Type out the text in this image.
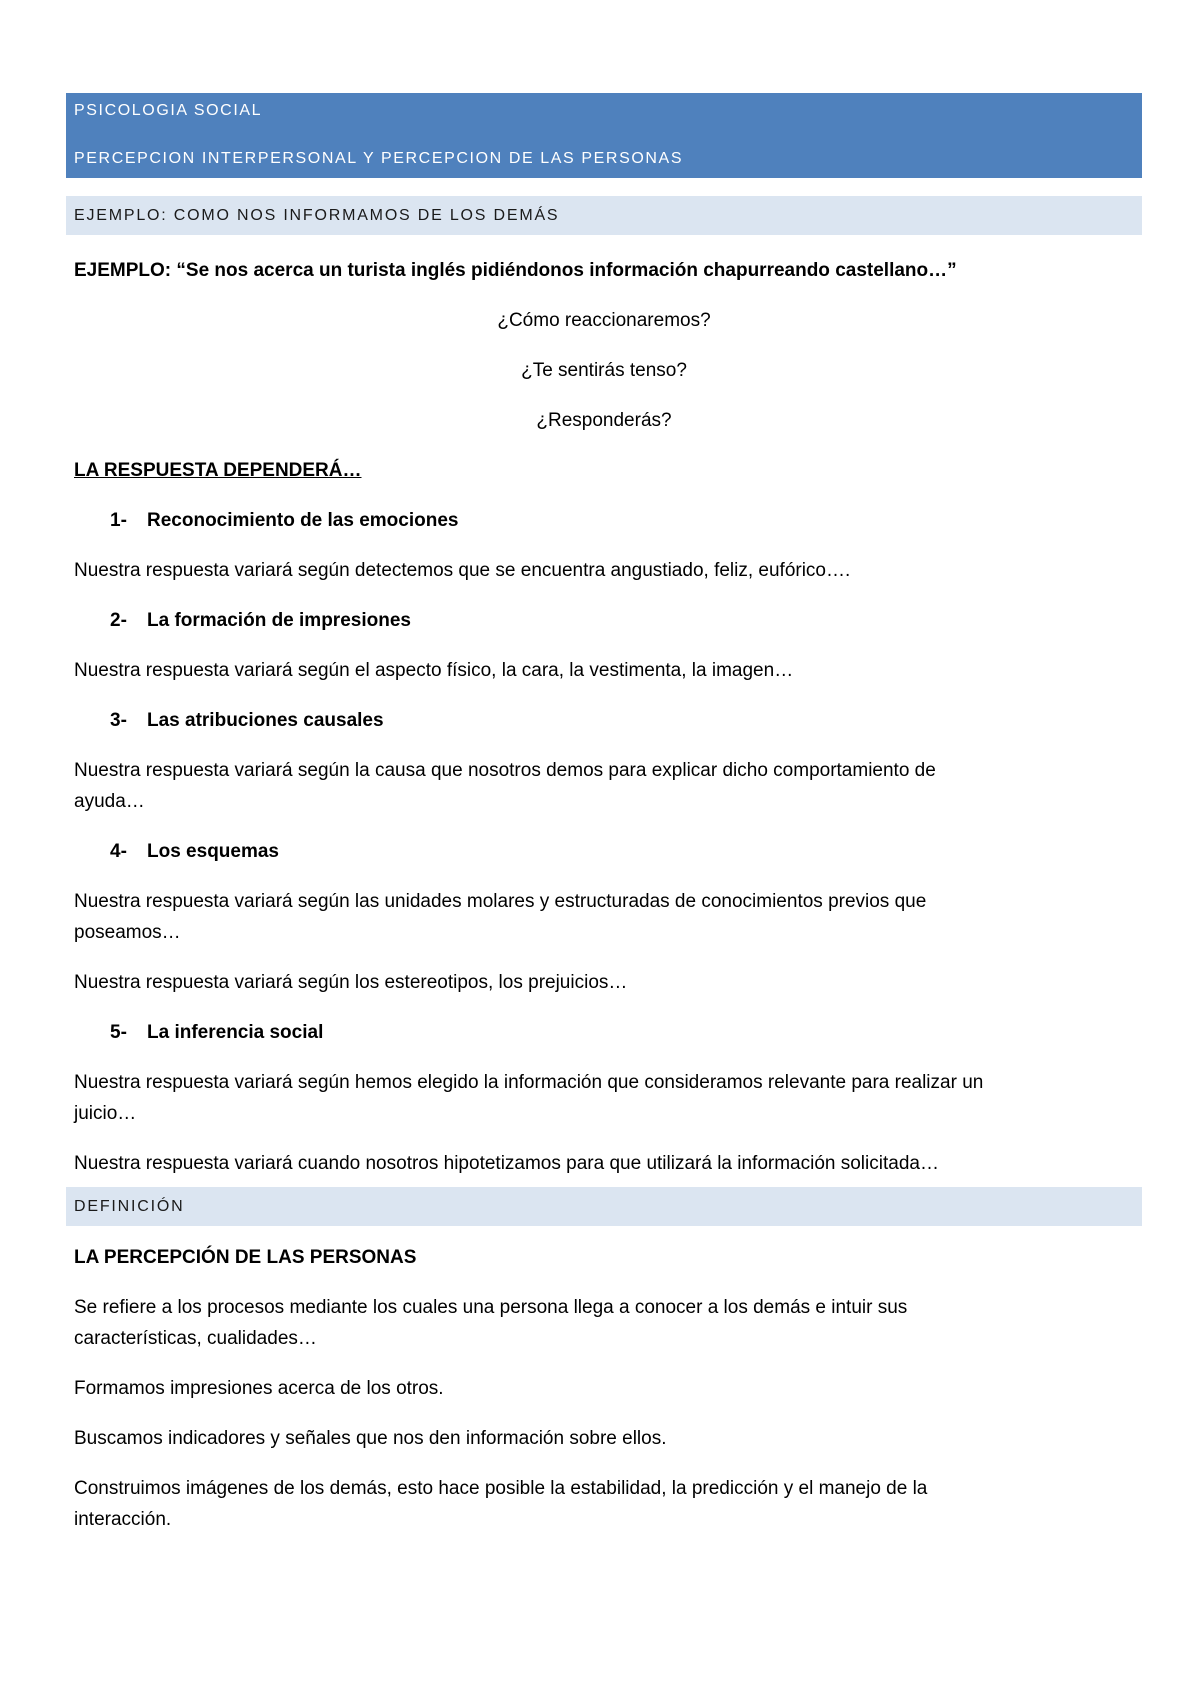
PSICOLOGIA SOCIAL
PERCEPCION INTERPERSONAL Y PERCEPCION DE LAS PERSONAS
EJEMPLO: COMO NOS INFORMAMOS DE LOS DEMÁS

EJEMPLO: “Se nos acerca un turista inglés pidiéndonos información chapurreando castellano…”

¿Cómo reaccionaremos?

¿Te sentirás tenso?

¿Responderás?

LA RESPUESTA DEPENDERÁ…

1-	Reconocimiento de las emociones

Nuestra respuesta variará según detectemos que se encuentra angustiado, feliz, eufórico….

2-	La formación de impresiones

Nuestra respuesta variará según el aspecto físico, la cara, la vestimenta, la imagen…

3-	Las atribuciones causales

Nuestra respuesta variará según la causa que nosotros demos para explicar dicho comportamiento de

ayuda…

4-	Los esquemas

Nuestra respuesta variará según las unidades molares y estructuradas de conocimientos previos que

poseamos…

Nuestra respuesta variará según los estereotipos, los prejuicios…

5-	La inferencia social

Nuestra respuesta variará según hemos elegido la información que consideramos relevante para realizar un

juicio…

Nuestra respuesta variará cuando nosotros hipotetizamos para que utilizará la información solicitada…

DEFINICIÓN

LA PERCEPCIÓN DE LAS PERSONAS

Se refiere a los procesos mediante los cuales una persona llega a conocer a los demás e intuir sus

características, cualidades…

Formamos impresiones acerca de los otros.

Buscamos indicadores y señales que nos den información sobre ellos.

Construimos imágenes de los demás, esto hace posible la estabilidad, la predicción y el manejo de la

interacción.
